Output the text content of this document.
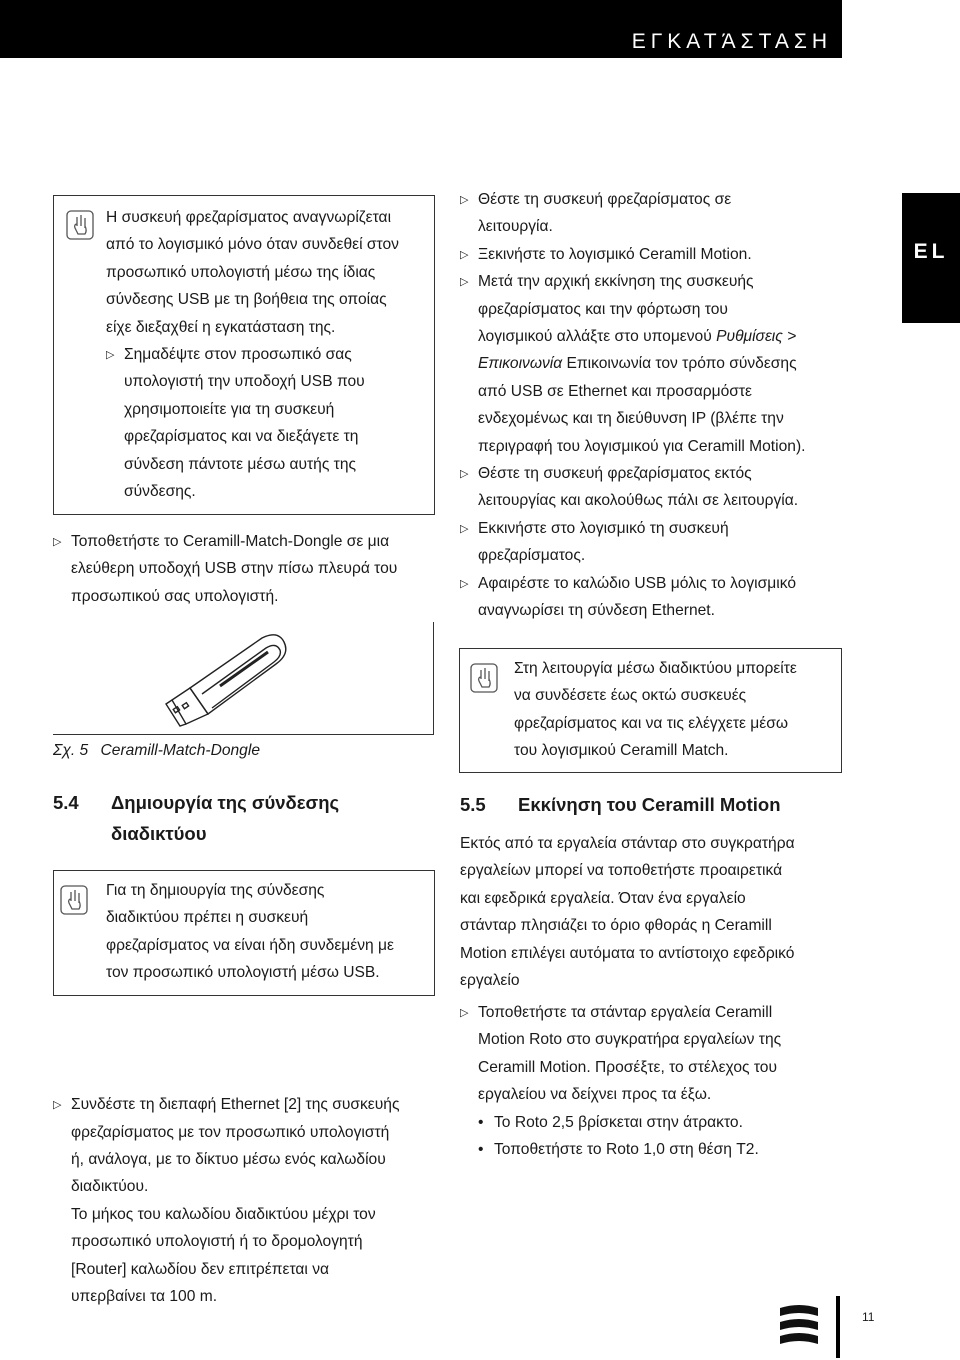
ΕΓΚΑΤΆΣΤΑΣΗ
EL
Η συσκευή φρεζαρίσματος αναγνωρίζεται
από το λογισμικό μόνο όταν συνδεθεί στον
προσωπικό υπολογιστή μέσω της ίδιας
σύνδεσης USB με τη βοήθεια της οποίας
είχε διεξαχθεί η εγκατάσταση της.
▷ Σημαδέψτε στον προσωπικό σας
υπολογιστή την υποδοχή USB που
χρησιμοποιείτε για τη συσκευή
φρεζαρίσματος και να διεξάγετε τη
σύνδεση πάντοτε μέσω αυτής της
σύνδεσης.
▷ Τοποθετήστε το Ceramill-Match-Dongle σε μια
ελεύθερη υποδοχή USB στην πίσω πλευρά του
προσωπικού σας υπολογιστή.
Σχ. 5 Ceramill-Match-Dongle
5.4 Δημιουργία της σύνδεσης
διαδικτύου
Για τη δημιουργία της σύνδεσης
διαδικτύου πρέπει η συσκευή
φρεζαρίσματος να είναι ήδη συνδεμένη με
τον προσωπικό υπολογιστή μέσω USB.
▷ Συνδέστε τη διεπαφή Ethernet [2] της συσκευής
φρεζαρίσματος με τον προσωπικό υπολογιστή
ή, ανάλογα, με το δίκτυο μέσω ενός καλωδίου
διαδικτύου.
Το μήκος του καλωδίου διαδικτύου μέχρι τον
προσωπικό υπολογιστή ή το δρομολογητή
[Router] καλωδίου δεν επιτρέπεται να
υπερβαίνει τα 100 m.
▷ Θέστε τη συσκευή φρεζαρίσματος σε
λειτουργία.
▷ Ξεκινήστε το λογισμικό Ceramill Motion.
▷ Μετά την αρχική εκκίνηση της συσκευής
φρεζαρίσματος και την φόρτωση του
λογισμικού αλλάξτε στο υπομενού Ρυθμίσεις >
Επικοινωνία Επικοινωνία τον τρόπο σύνδεσης
από USB σε Ethernet και προσαρμόστε
ενδεχομένως και τη διεύθυνση IP (βλέπε την
περιγραφή του λογισμικού για Ceramill Motion).
▷ Θέστε τη συσκευή φρεζαρίσματος εκτός
λειτουργίας και ακολούθως πάλι σε λειτουργία.
▷ Εκκινήστε στο λογισμικό τη συσκευή
φρεζαρίσματος.
▷ Αφαιρέστε το καλώδιο USB μόλις το λογισμικό
αναγνωρίσει τη σύνδεση Ethernet.
Στη λειτουργία μέσω διαδικτύου μπορείτε
να συνδέσετε έως οκτώ συσκευές
φρεζαρίσματος και να τις ελέγχετε μέσω
του λογισμικού Ceramill Match.
5.5	Εκκίνηση του Ceramill Motion
Εκτός από τα εργαλεία στάνταρ στο συγκρατήρα
εργαλείων μπορεί να τοποθετήστε προαιρετικά
και εφεδρικά εργαλεία. Όταν ένα εργαλείο
στάνταρ πλησιάζει το όριο φθοράς η Ceramill
Motion επιλέγει αυτόματα το αντίστοιχο εφεδρικό
εργαλείο
▷ Τοποθετήστε τα στάνταρ εργαλεία Ceramill
Motion Roto στο συγκρατήρα εργαλείων της
Ceramill Motion. Προσέξτε, το στέλεχος του
εργαλείου να δείχνει προς τα έξω.
• Το Roto 2,5 βρίσκεται στην άτρακτο.
• Τοποθετήστε το Roto 1,0 στη θέση T2.
11
